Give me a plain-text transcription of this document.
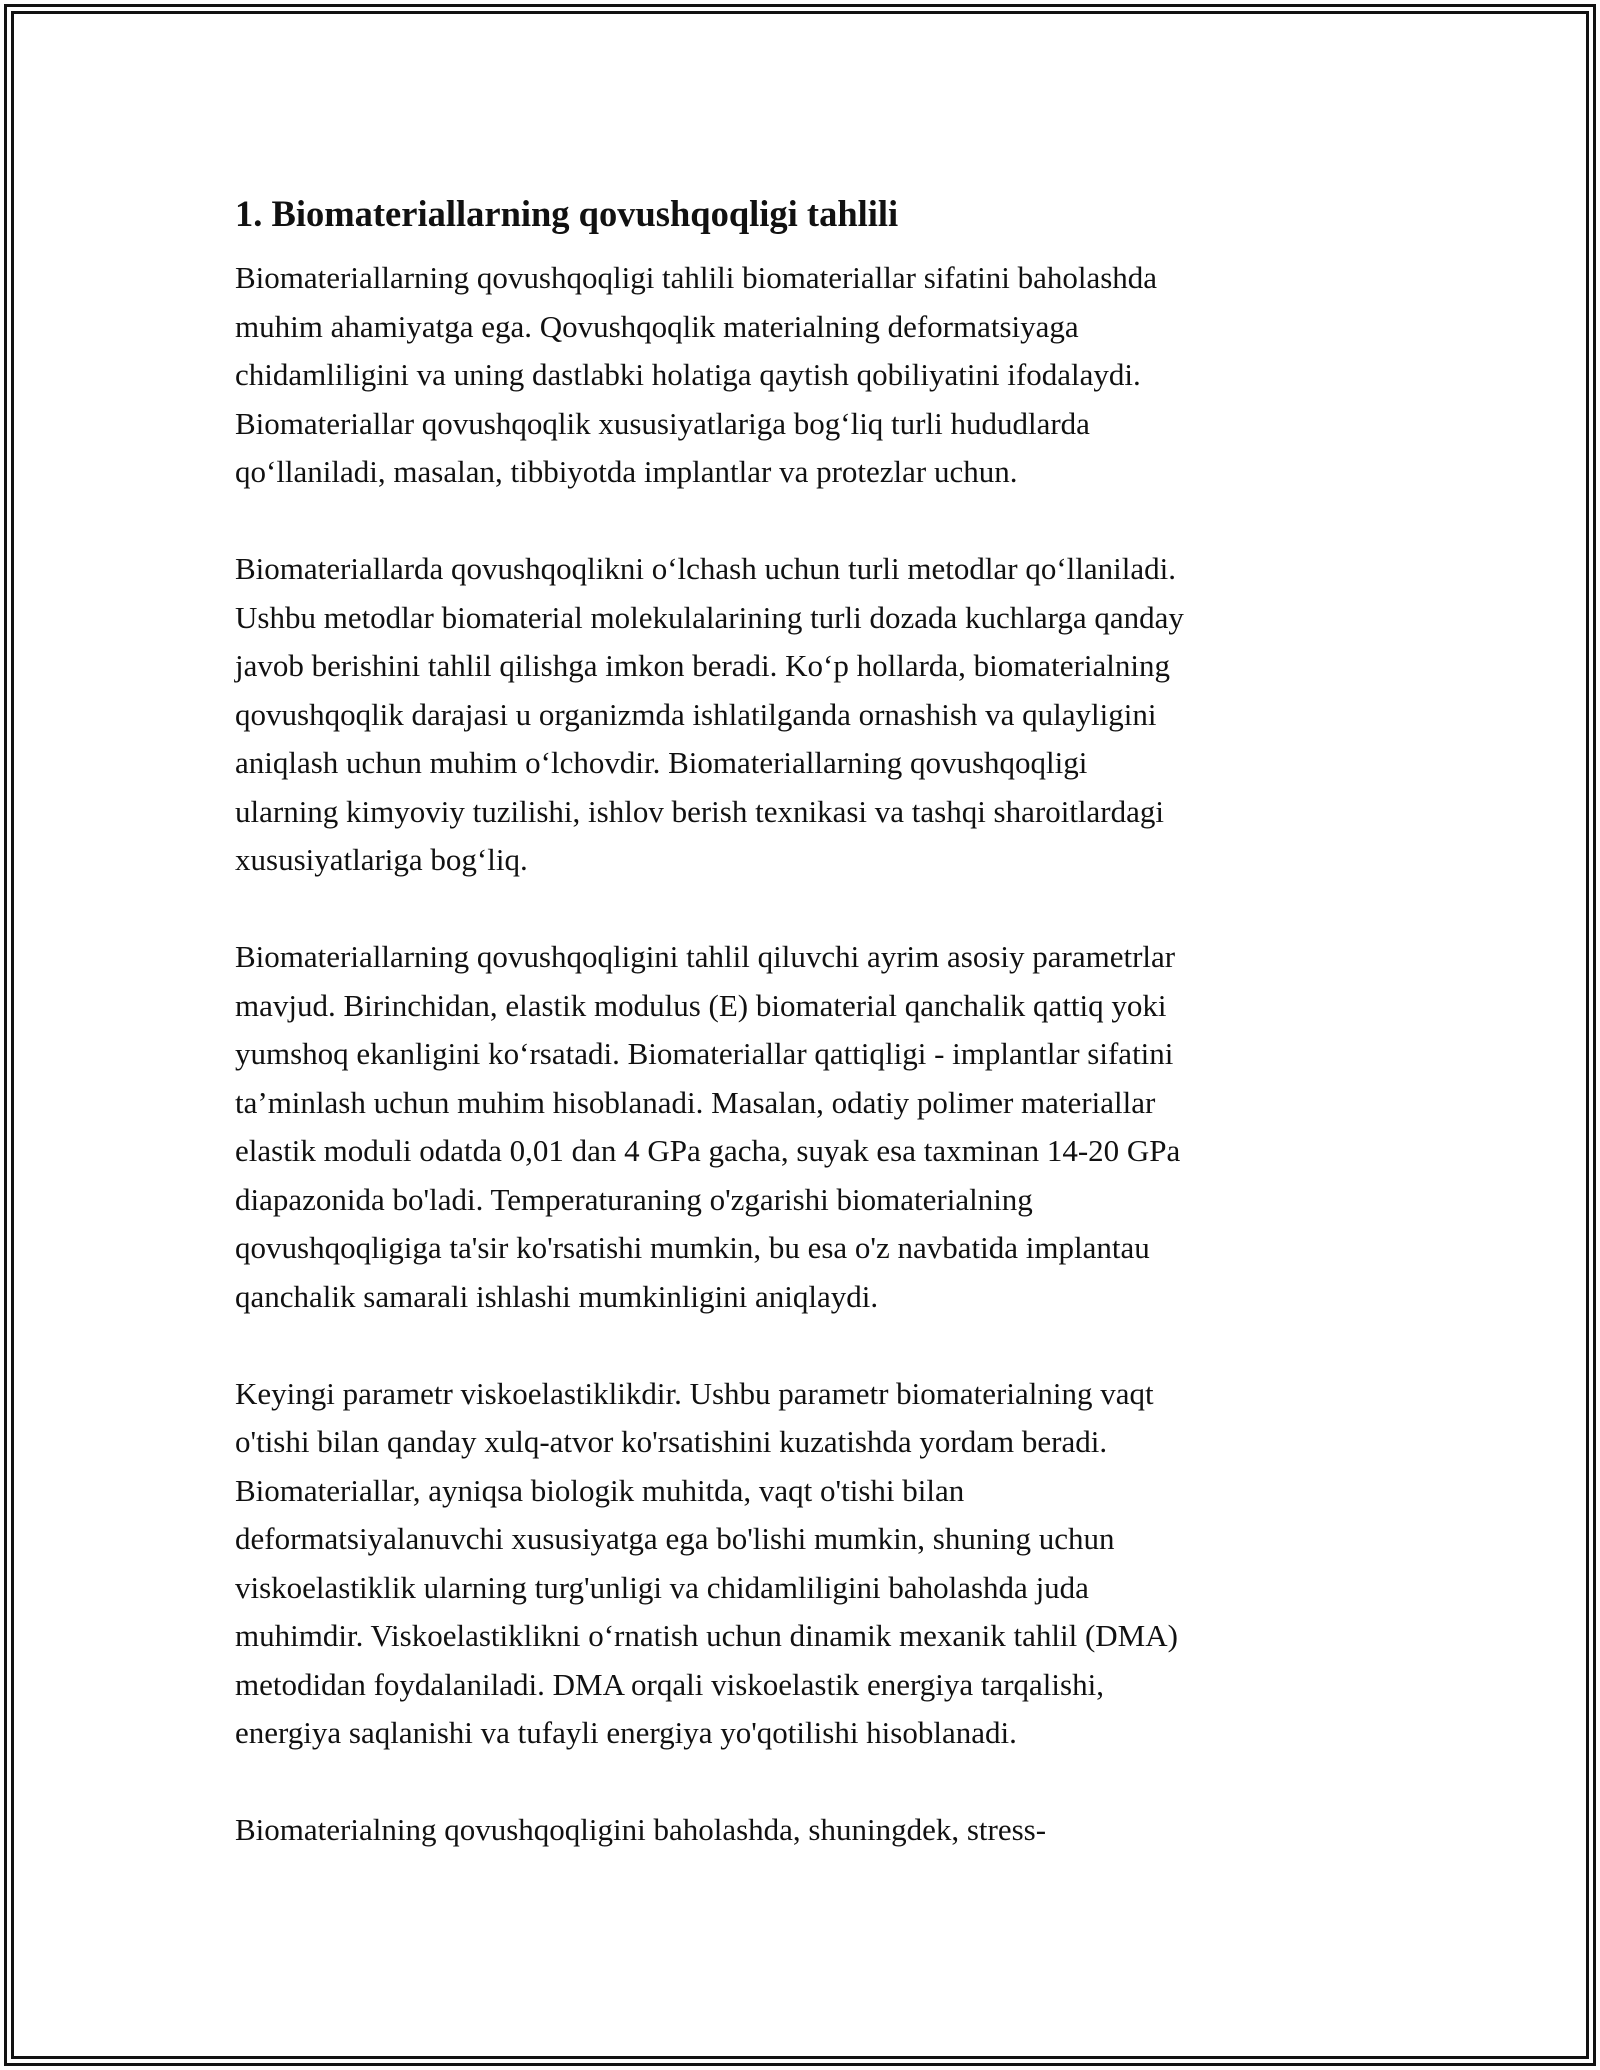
1. Biomateriallarning qovushqoqligi tahlili

Biomateriallarning qovushqoqligi tahlili biomateriallar sifatini baholashda
muhim ahamiyatga ega. Qovushqoqlik materialning deformatsiyaga
chidamliligini va uning dastlabki holatiga qaytish qobiliyatini ifodalaydi.
Biomateriallar qovushqoqlik xususiyatlariga bog‘liq turli hududlarda
qo‘llaniladi, masalan, tibbiyotda implantlar va protezlar uchun.

Biomateriallarda qovushqoqlikni o‘lchash uchun turli metodlar qo‘llaniladi.
Ushbu metodlar biomaterial molekulalarining turli dozada kuchlarga qanday
javob berishini tahlil qilishga imkon beradi. Ko‘p hollarda, biomaterialning
qovushqoqlik darajasi u organizmda ishlatilganda ornashish va qulayligini
aniqlash uchun muhim o‘lchovdir. Biomateriallarning qovushqoqligi
ularning kimyoviy tuzilishi, ishlov berish texnikasi va tashqi sharoitlardagi
xususiyatlariga bog‘liq.

Biomateriallarning qovushqoqligini tahlil qiluvchi ayrim asosiy parametrlar
mavjud. Birinchidan, elastik modulus (E) biomaterial qanchalik qattiq yoki
yumshoq ekanligini ko‘rsatadi. Biomateriallar qattiqligi - implantlar sifatini
ta’minlash uchun muhim hisoblanadi. Masalan, odatiy polimer materiallar
elastik moduli odatda 0,01 dan 4 GPa gacha, suyak esa taxminan 14-20 GPa
diapazonida bo'ladi. Temperaturaning o'zgarishi biomaterialning
qovushqoqligiga ta'sir ko'rsatishi mumkin, bu esa o'z navbatida implantau
qanchalik samarali ishlashi mumkinligini aniqlaydi.

Keyingi parametr viskoelastiklikdir. Ushbu parametr biomaterialning vaqt
o'tishi bilan qanday xulq-atvor ko'rsatishini kuzatishda yordam beradi.
Biomateriallar, ayniqsa biologik muhitda, vaqt o'tishi bilan
deformatsiyalanuvchi xususiyatga ega bo'lishi mumkin, shuning uchun
viskoelastiklik ularning turg'unligi va chidamliligini baholashda juda
muhimdir. Viskoelastiklikni o‘rnatish uchun dinamik mexanik tahlil (DMA)
metodidan foydalaniladi. DMA orqali viskoelastik energiya tarqalishi,
energiya saqlanishi va tufayli energiya yo'qotilishi hisoblanadi.

Biomaterialning qovushqoqligini baholashda, shuningdek, stress-
